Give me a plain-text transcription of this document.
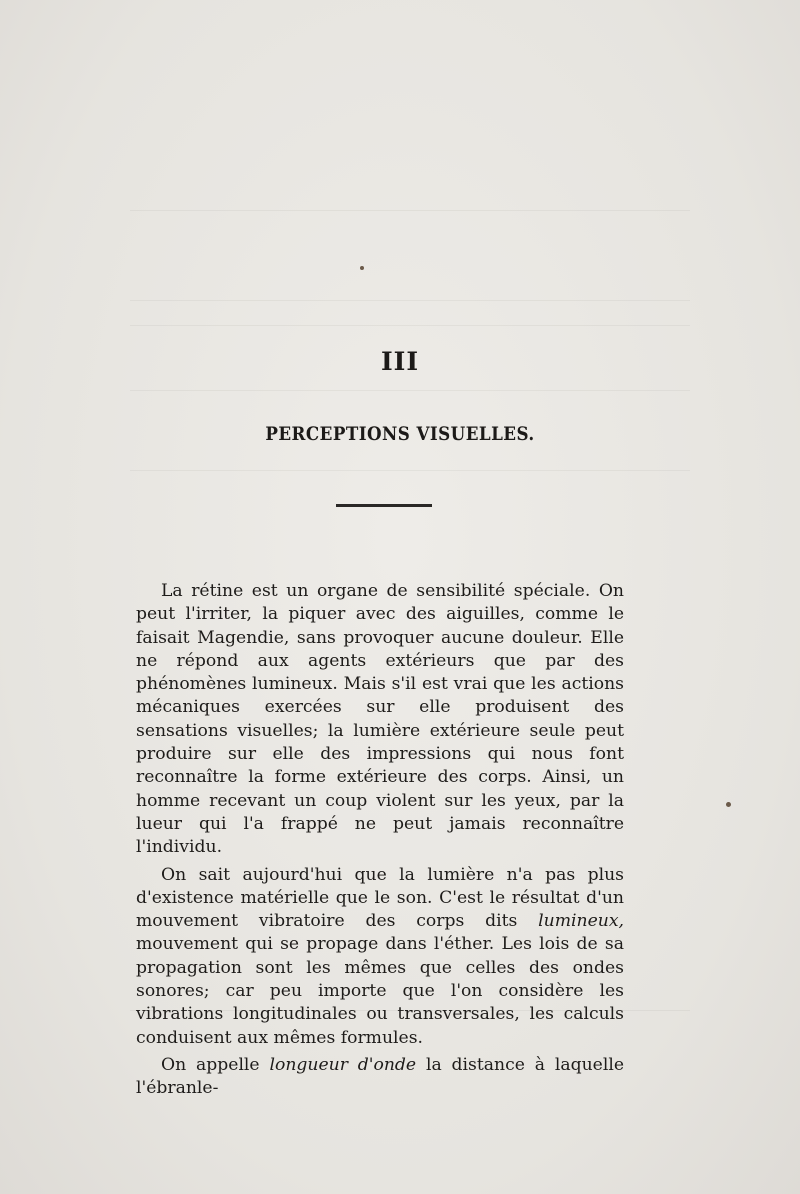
III
PERCEPTIONS VISUELLES.

La rétine est un organe de sensibilité spéciale. On peut l'irriter, la piquer avec des aiguilles, comme le faisait Magendie, sans provoquer aucune douleur. Elle ne répond aux agents extérieurs que par des phénomènes lumineux. Mais s'il est vrai que les actions mécaniques exercées sur elle produisent des sensations visuelles; la lumière extérieure seule peut produire sur elle des impressions qui nous font reconnaître la forme extérieure des corps. Ainsi, un homme recevant un coup violent sur les yeux, par la lueur qui l'a frappé ne peut jamais reconnaître l'individu.

On sait aujourd'hui que la lumière n'a pas plus d'existence matérielle que le son. C'est le résultat d'un mouvement vibratoire des corps dits lumineux, mouvement qui se propage dans l'éther. Les lois de sa propagation sont les mêmes que celles des ondes sonores; car peu importe que l'on considère les vibrations longitudinales ou transversales, les calculs conduisent aux mêmes formules.

On appelle longueur d'onde la distance à laquelle l'ébranle-
